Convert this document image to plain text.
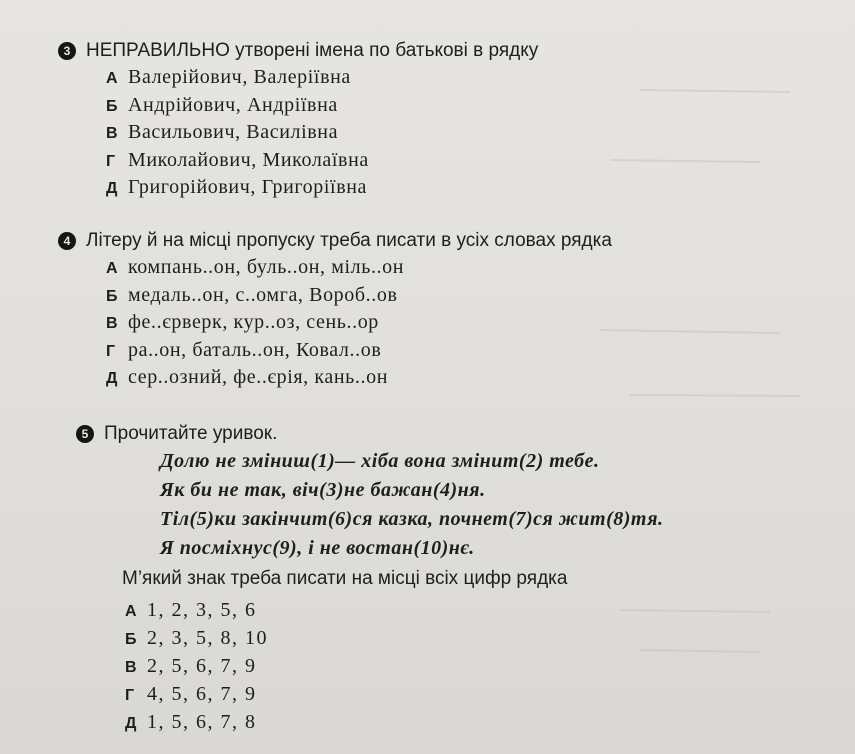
3 НЕПРАВИЛЬНО утворені імена по батькові в рядку
А Валерійович, Валеріївна
Б Андрійович, Андріївна
В Васильович, Василівна
Г Миколайович, Миколаївна
Д Григорійович, Григоріївна
4 Літеру й на місці пропуску треба писати в усіх словах рядка
А компань..он, буль..он, міль..он
Б медаль..он, с..омга, Вороб..ов
В фе..єрверк, кур..оз, сень..ор
Г ра..он, баталь..он, Ковал..ов
Д сер..озний, фе..єрія, кань..он
5 Прочитайте уривок.
Долю не зміниш(1)— хіба вона змінит(2) тебе.
Як би не так, віч(3)не бажан(4)ня.
Тіл(5)ки закінчит(6)ся казка, почнет(7)ся жит(8)тя.
Я посміхнус(9), і не востан(10)нє.
М’який знак треба писати на місці всіх цифр рядка
А 1, 2, 3, 5, 6
Б 2, 3, 5, 8, 10
В 2, 5, 6, 7, 9
Г 4, 5, 6, 7, 9
Д 1, 5, 6, 7, 8
